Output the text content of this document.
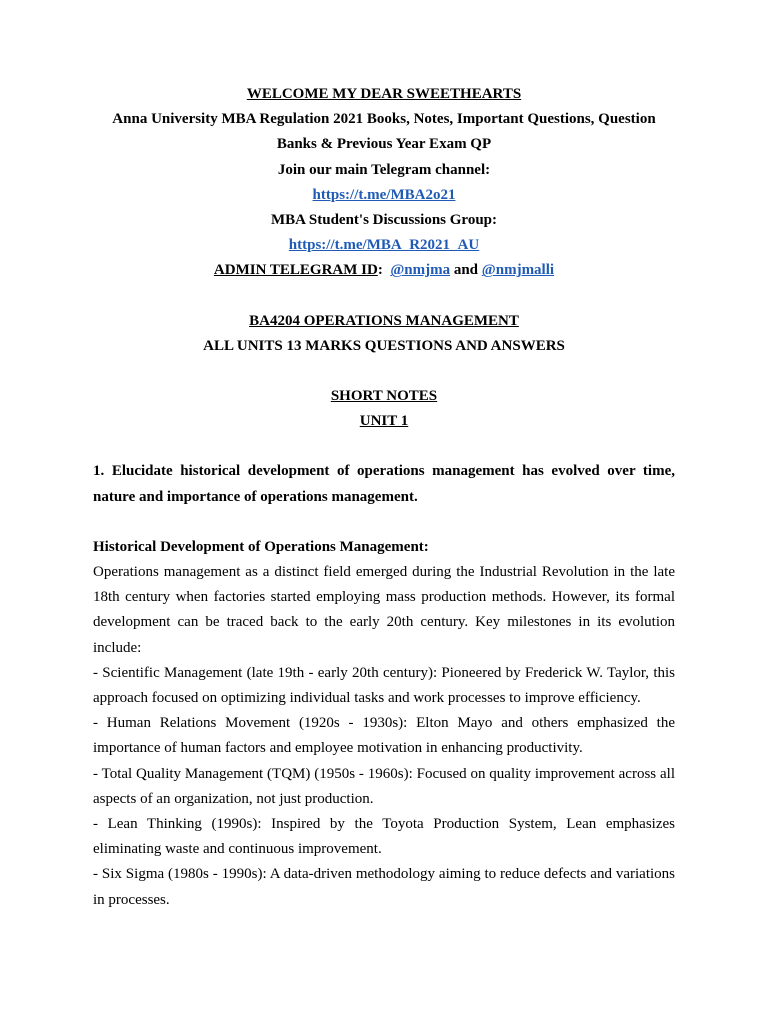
WELCOME MY DEAR SWEETHEARTS
Anna University MBA Regulation 2021 Books, Notes, Important Questions, Question
Banks & Previous Year Exam QP
Join our main Telegram channel:
https://t.me/MBA2o21
MBA Student's Discussions Group:
https://t.me/MBA_R2021_AU
ADMIN TELEGRAM ID: @nmjma and @nmjmalli
BA4204 OPERATIONS MANAGEMENT
ALL UNITS 13 MARKS QUESTIONS AND ANSWERS
SHORT NOTES
UNIT 1

1. Elucidate historical development of operations management has evolved over time, nature and importance of operations management.

Historical Development of Operations Management:

Operations management as a distinct field emerged during the Industrial Revolution in the late 18th century when factories started employing mass production methods. However, its formal development can be traced back to the early 20th century. Key milestones in its evolution include:

- Scientific Management (late 19th - early 20th century): Pioneered by Frederick W. Taylor, this approach focused on optimizing individual tasks and work processes to improve efficiency.

- Human Relations Movement (1920s - 1930s): Elton Mayo and others emphasized the importance of human factors and employee motivation in enhancing productivity.

- Total Quality Management (TQM) (1950s - 1960s): Focused on quality improvement across all aspects of an organization, not just production.

- Lean Thinking (1990s): Inspired by the Toyota Production System, Lean emphasizes eliminating waste and continuous improvement.

- Six Sigma (1980s - 1990s): A data-driven methodology aiming to reduce defects and variations in processes.
